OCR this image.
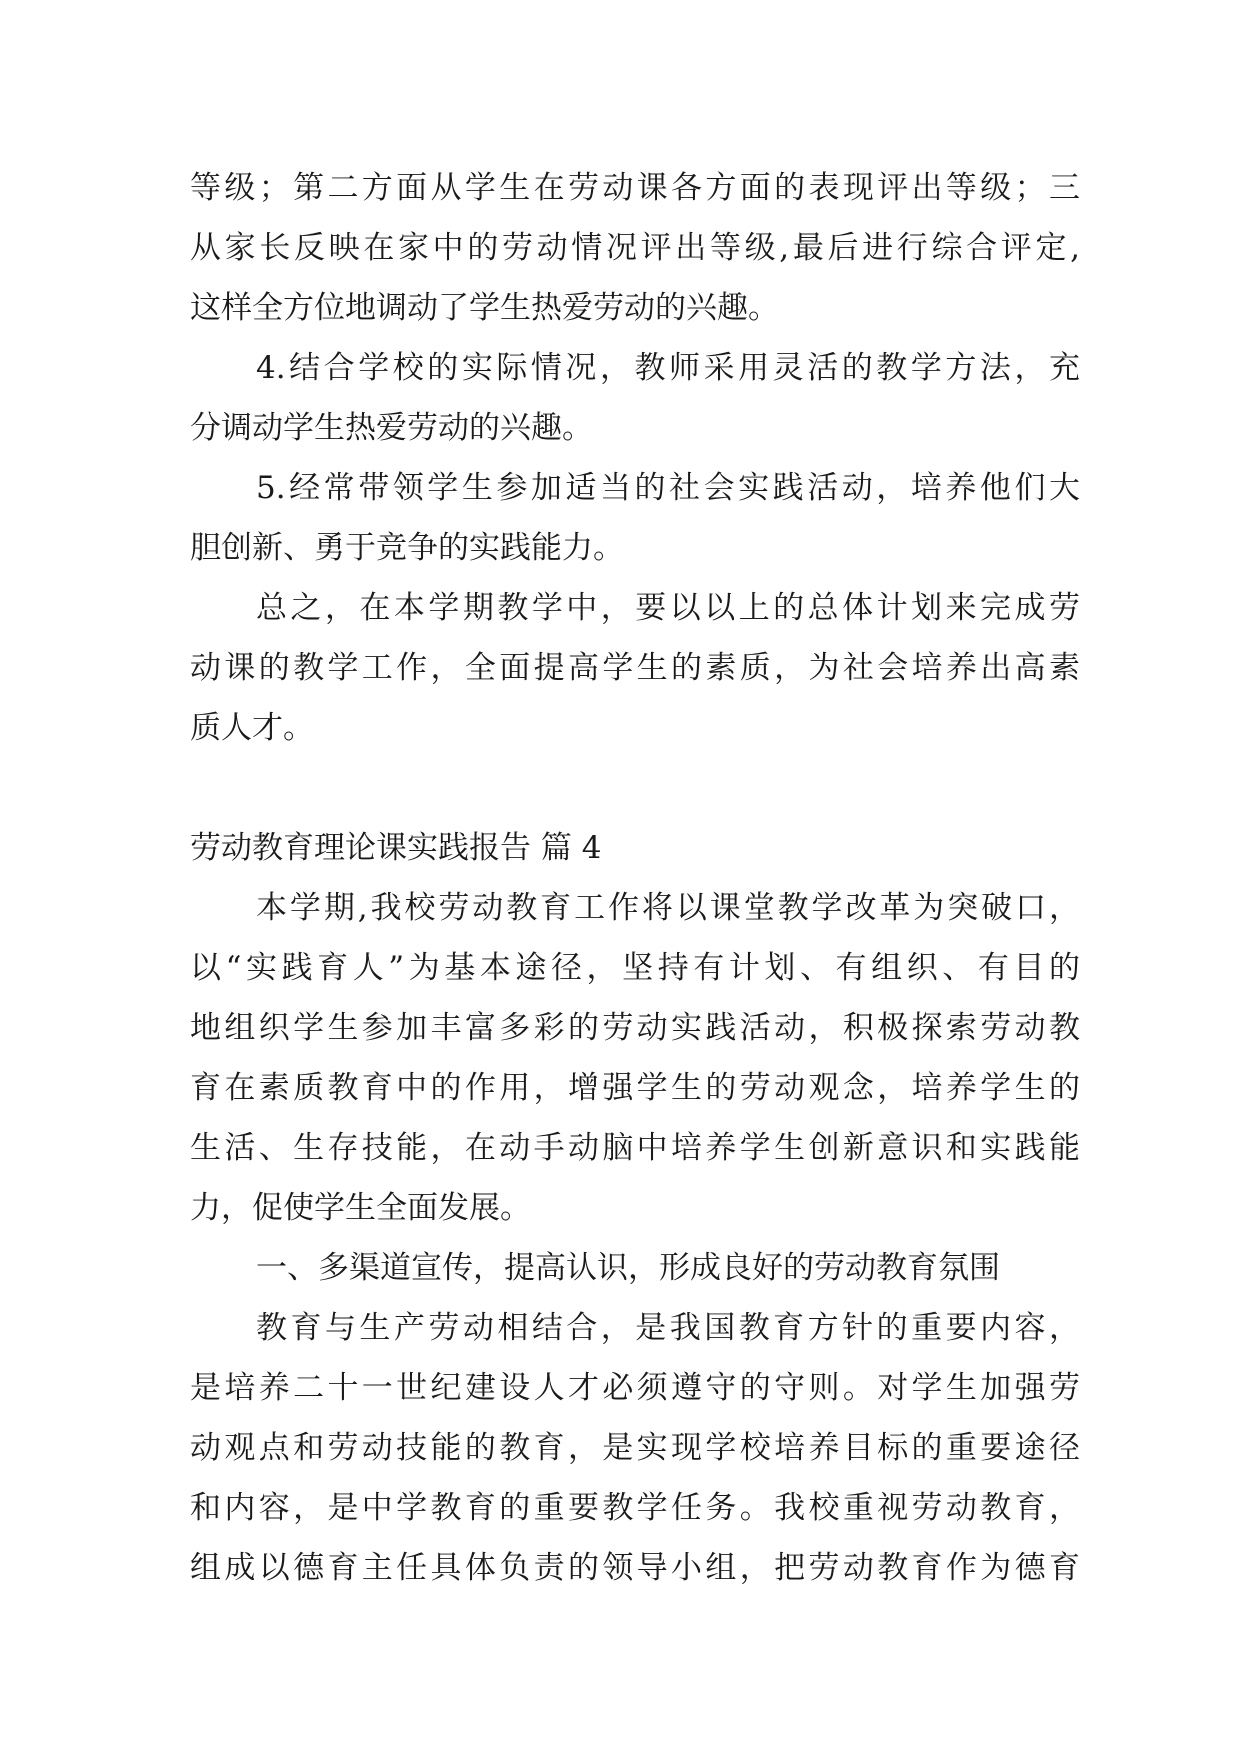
等级；第二方面从学生在劳动课各方面的表现评出等级；三
从家长反映在家中的劳动情况评出等级,最后进行综合评定,
这样全方位地调动了学生热爱劳动的兴趣。
4.结合学校的实际情况，教师采用灵活的教学方法，充
分调动学生热爱劳动的兴趣。
5.经常带领学生参加适当的社会实践活动，培养他们大
胆创新、勇于竞争的实践能力。
总之，在本学期教学中，要以以上的总体计划来完成劳
动课的教学工作，全面提高学生的素质，为社会培养出高素
质人才。
劳动教育理论课实践报告 篇 4
本学期,我校劳动教育工作将以课堂教学改革为突破口，
以“实践育人”为基本途径，坚持有计划、有组织、有目的
地组织学生参加丰富多彩的劳动实践活动，积极探索劳动教
育在素质教育中的作用，增强学生的劳动观念，培养学生的
生活、生存技能，在动手动脑中培养学生创新意识和实践能
力，促使学生全面发展。
一、多渠道宣传，提高认识，形成良好的劳动教育氛围
教育与生产劳动相结合，是我国教育方针的重要内容，
是培养二十一世纪建设人才必须遵守的守则。对学生加强劳
动观点和劳动技能的教育，是实现学校培养目标的重要途径
和内容，是中学教育的重要教学任务。我校重视劳动教育，
组成以德育主任具体负责的领导小组，把劳动教育作为德育
